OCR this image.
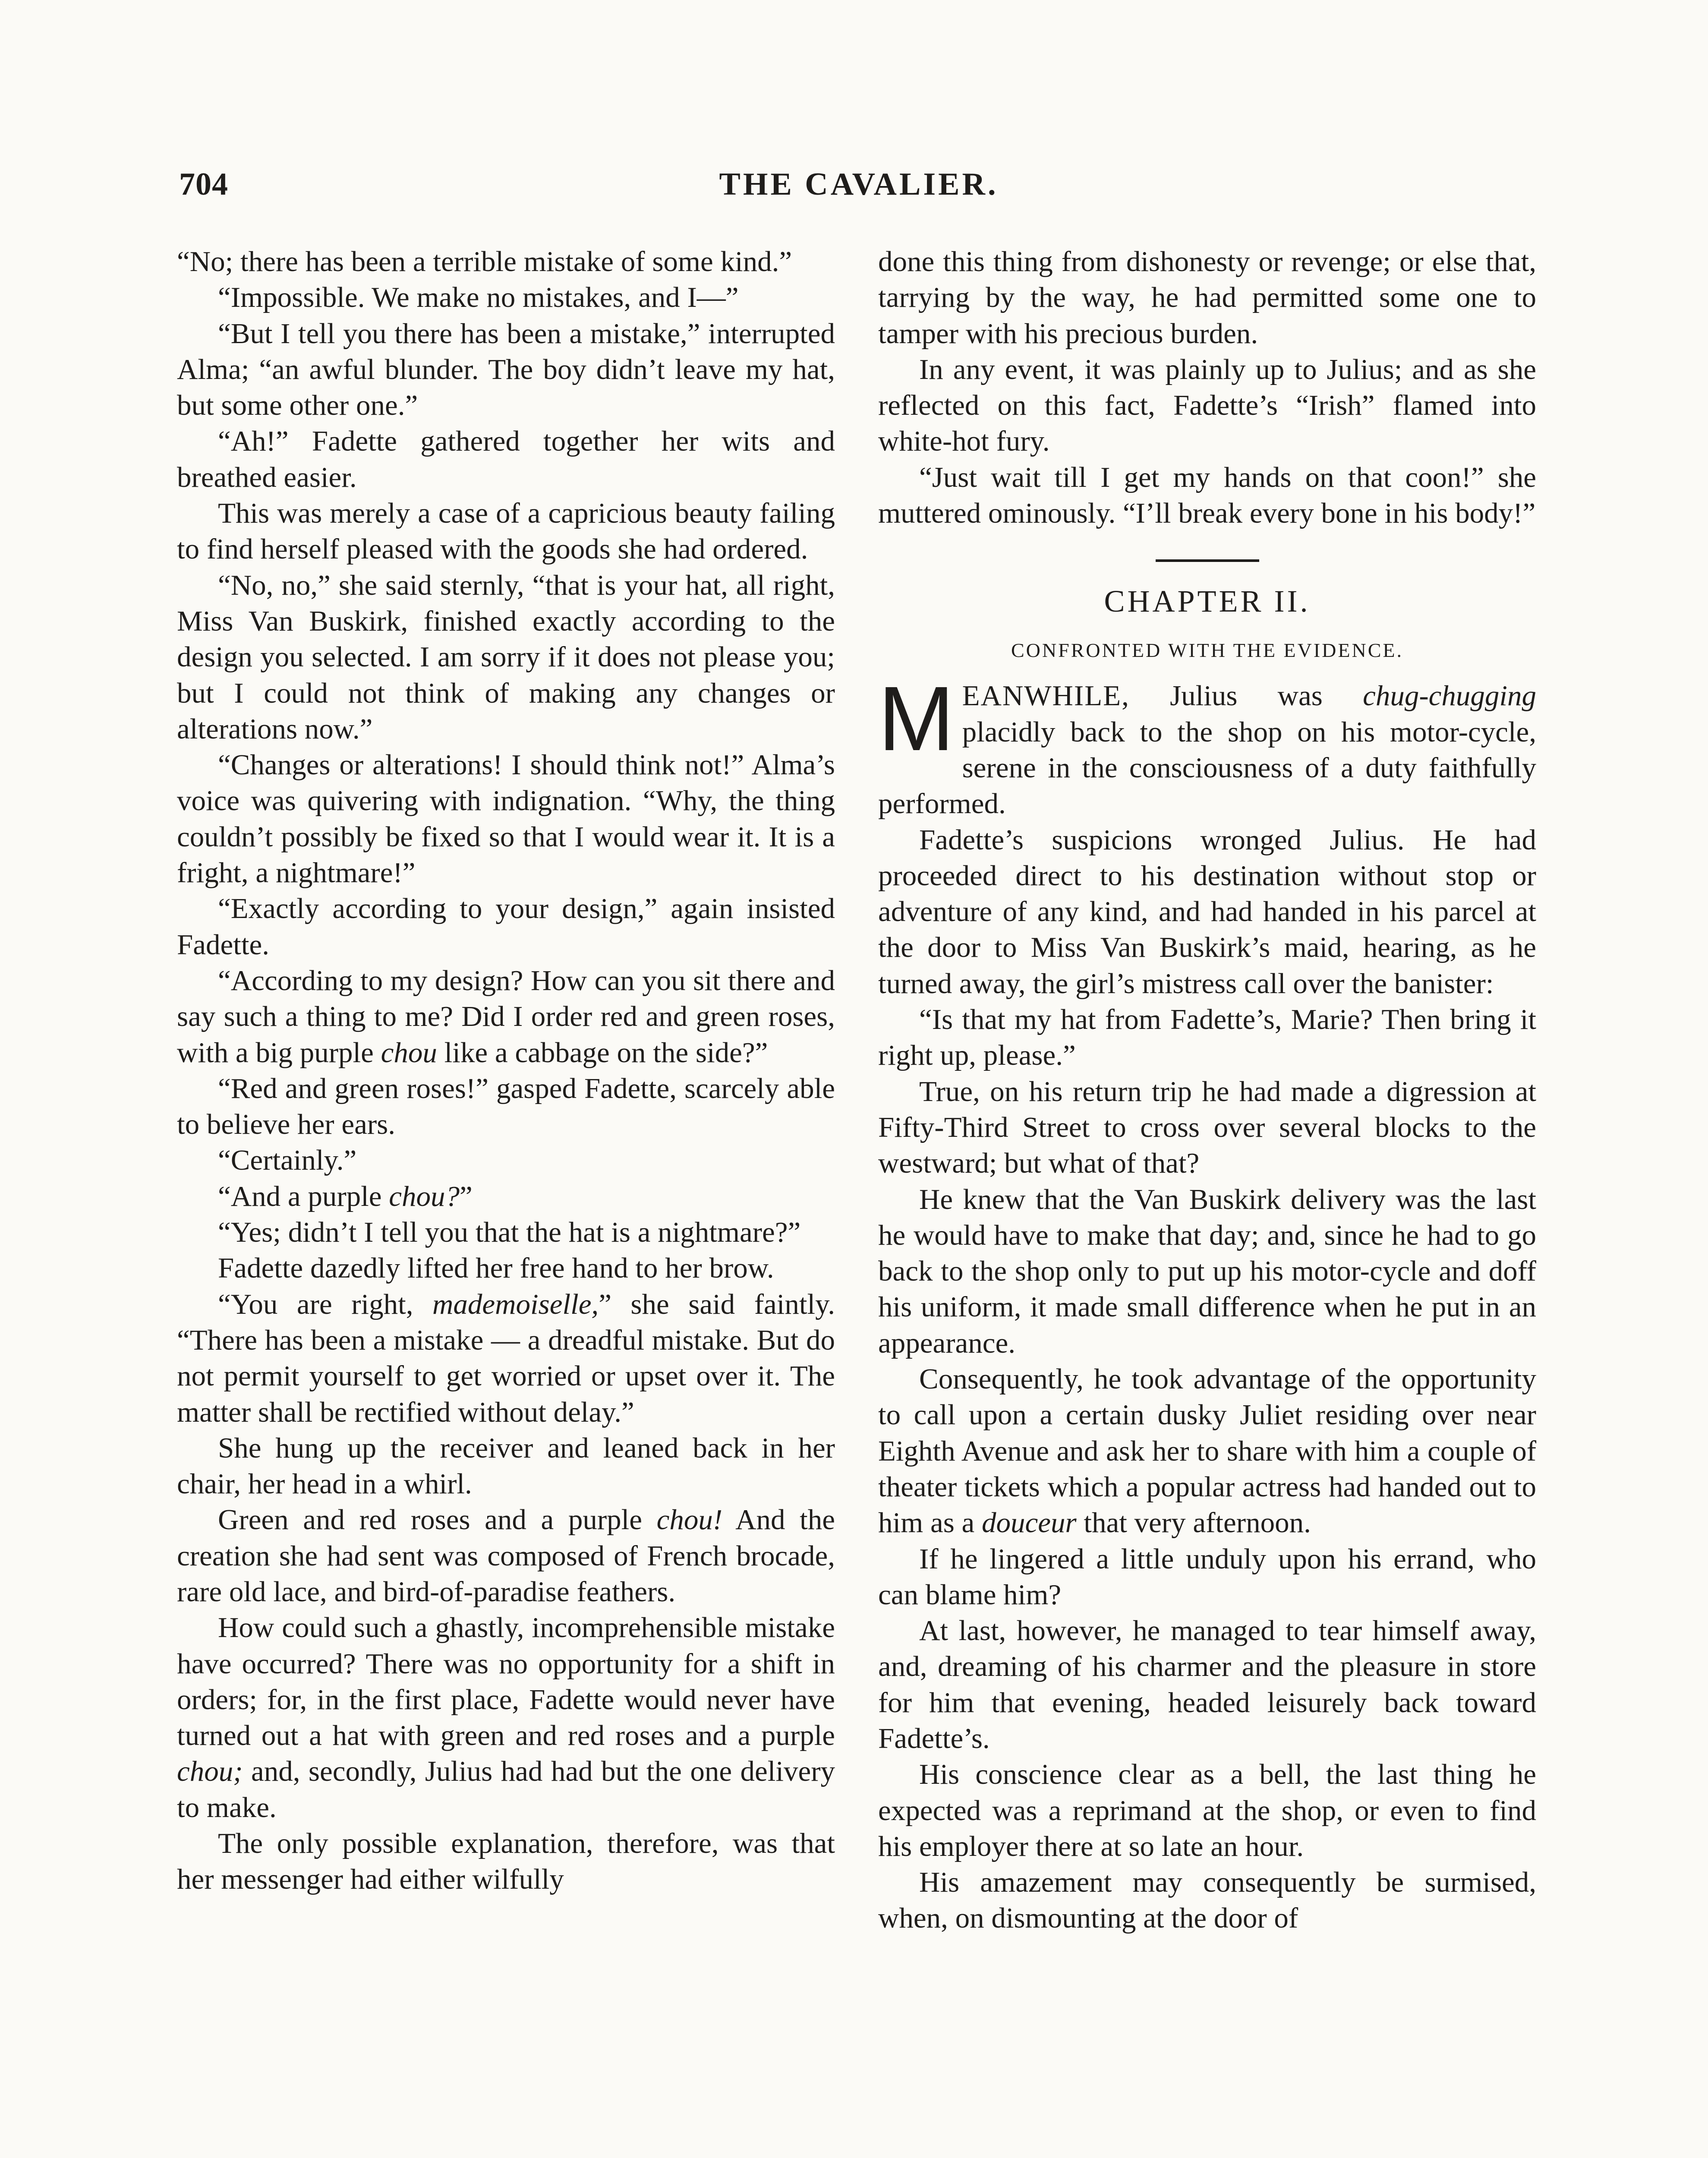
704	THE CAVALIER.

“No; there has been a terrible mistake of some kind.”

“Impossible. We make no mistakes, and I—”

“But I tell you there has been a mistake,” interrupted Alma; “an awful blunder. The boy didn’t leave my hat, but some other one.”

“Ah!” Fadette gathered together her wits and breathed easier.

This was merely a case of a capricious beauty failing to find herself pleased with the goods she had ordered.

“No, no,” she said sternly, “that is your hat, all right, Miss Van Buskirk, finished exactly according to the design you selected. I am sorry if it does not please you; but I could not think of making any changes or alterations now.”

“Changes or alterations! I should think not!” Alma’s voice was quivering with indignation. “Why, the thing couldn’t possibly be fixed so that I would wear it. It is a fright, a nightmare!”

“Exactly according to your design,” again insisted Fadette.

“According to my design? How can you sit there and say such a thing to me? Did I order red and green roses, with a big purple chou like a cabbage on the side?”

“Red and green roses!” gasped Fadette, scarcely able to believe her ears.

“Certainly.”

“And a purple chou?”

“Yes; didn’t I tell you that the hat is a nightmare?”

Fadette dazedly lifted her free hand to her brow.

“You are right, mademoiselle,” she said faintly. “There has been a mistake — a dreadful mistake. But do not permit yourself to get worried or upset over it. The matter shall be rectified without delay.”

She hung up the receiver and leaned back in her chair, her head in a whirl.

Green and red roses and a purple chou! And the creation she had sent was composed of French brocade, rare old lace, and bird-of-paradise feathers.

How could such a ghastly, incomprehensible mistake have occurred? There was no opportunity for a shift in orders; for, in the first place, Fadette would never have turned out a hat with green and red roses and a purple chou; and, secondly, Julius had had but the one delivery to make.

The only possible explanation, therefore, was that her messenger had either wilfully

done this thing from dishonesty or revenge; or else that, tarrying by the way, he had permitted some one to tamper with his precious burden.

In any event, it was plainly up to Julius; and as she reflected on this fact, Fadette’s “Irish” flamed into white-hot fury.

“Just wait till I get my hands on that coon!” she muttered ominously. “I’ll break every bone in his body!”

CHAPTER II.
CONFRONTED WITH THE EVIDENCE.

MEANWHILE, Julius was chug-chugging placidly back to the shop on his motor-cycle, serene in the consciousness of a duty faithfully performed.

Fadette’s suspicions wronged Julius. He had proceeded direct to his destination without stop or adventure of any kind, and had handed in his parcel at the door to Miss Van Buskirk’s maid, hearing, as he turned away, the girl’s mistress call over the banister:

“Is that my hat from Fadette’s, Marie? Then bring it right up, please.”

True, on his return trip he had made a digression at Fifty-Third Street to cross over several blocks to the westward; but what of that?

He knew that the Van Buskirk delivery was the last he would have to make that day; and, since he had to go back to the shop only to put up his motor-cycle and doff his uniform, it made small difference when he put in an appearance.

Consequently, he took advantage of the opportunity to call upon a certain dusky Juliet residing over near Eighth Avenue and ask her to share with him a couple of theater tickets which a popular actress had handed out to him as a douceur that very afternoon.

If he lingered a little unduly upon his errand, who can blame him?

At last, however, he managed to tear himself away, and, dreaming of his charmer and the pleasure in store for him that evening, headed leisurely back toward Fadette’s.

His conscience clear as a bell, the last thing he expected was a reprimand at the shop, or even to find his employer there at so late an hour.

His amazement may consequently be surmised, when, on dismounting at the door of
